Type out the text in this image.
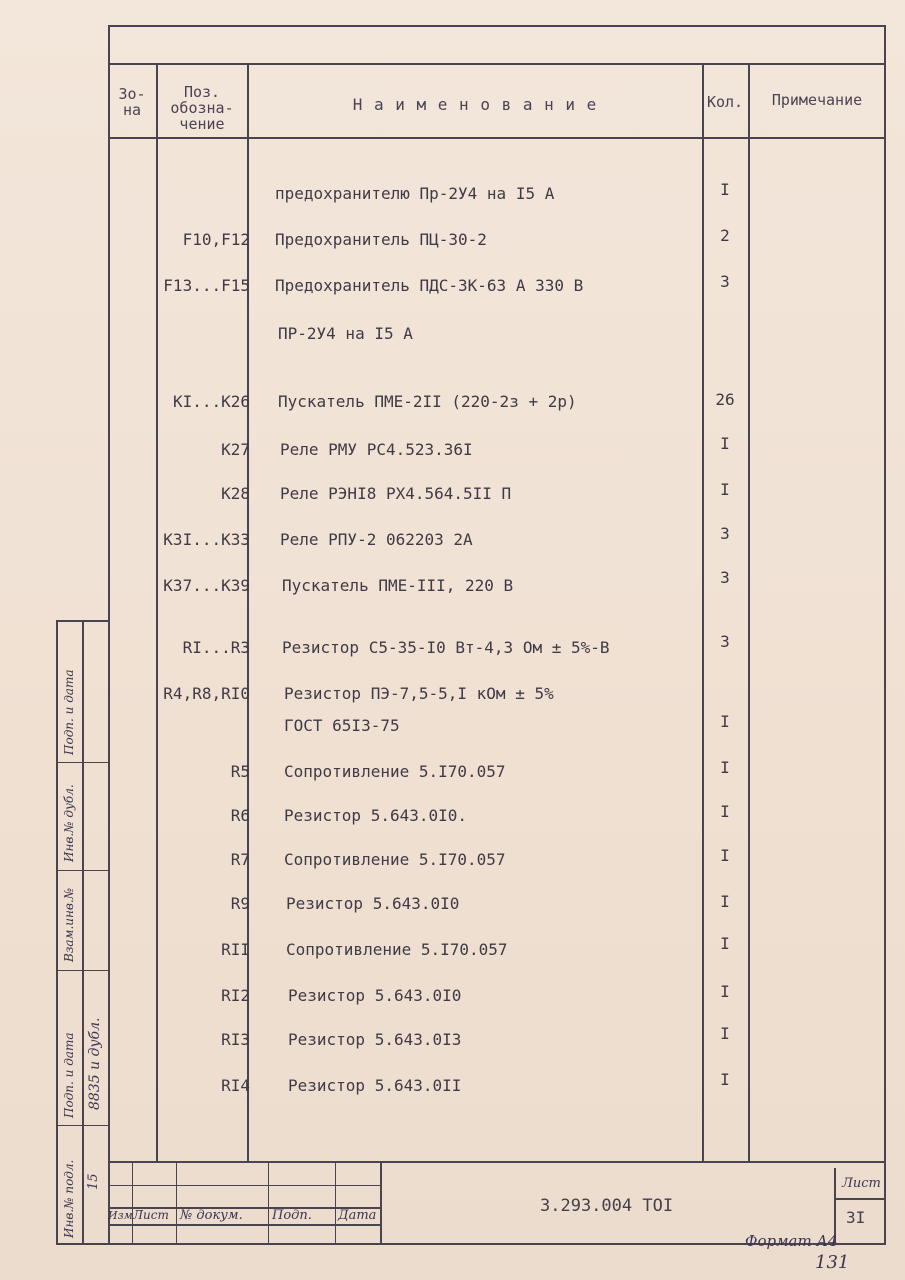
Зо-
на
Поз.
обозна-
чение
Н а и м е н о в а н и е	Кол.	Примечание
предохранителю Пр-2У4 на I5 А	I
F10,F12 Предохранитель ПЦ-30-2	2
F13...F15 Предохранитель ПДС-3К-63 А 330 В	3
ПР-2У4 на I5 А
KI...K26 Пускатель ПМЕ-2II (220-2з + 2р)	26
K27 Реле РМУ РС4.523.36I	I
K28 Реле РЭНI8 РХ4.564.5II П	I
K3I...K33 Реле РПУ-2 062203 2А	3
K37...K39 Пускатель ПМЕ-III, 220 В	3
RI...R3 Резистор С5-35-I0 Вт-4,3 Ом ± 5%-В	3
R4,R8,RI0 Резистор ПЭ-7,5-5,I кОм ± 5%
ГОСТ 65I3-75	I
R5 Сопротивление 5.I70.057	I
R6 Резистор 5.643.0I0.	I
R7 Сопротивление 5.I70.057	I
R9 Резистор 5.643.0I0	I
RII Сопротивление 5.I70.057	I
RI2 Резистор 5.643.0I0	I
RI3 Резистор 5.643.0I3	I
RI4 Резистор 5.643.0II	I
Изм Лист № докум. Подп. Дата	3.293.004 ТОI
Лист
3I
Подп. и дата
Инв.№ дубл.
Взам.инв.№
Подп. и дата
Инв.№ подл.
8835 и дубл.
15
Формат А4
131
